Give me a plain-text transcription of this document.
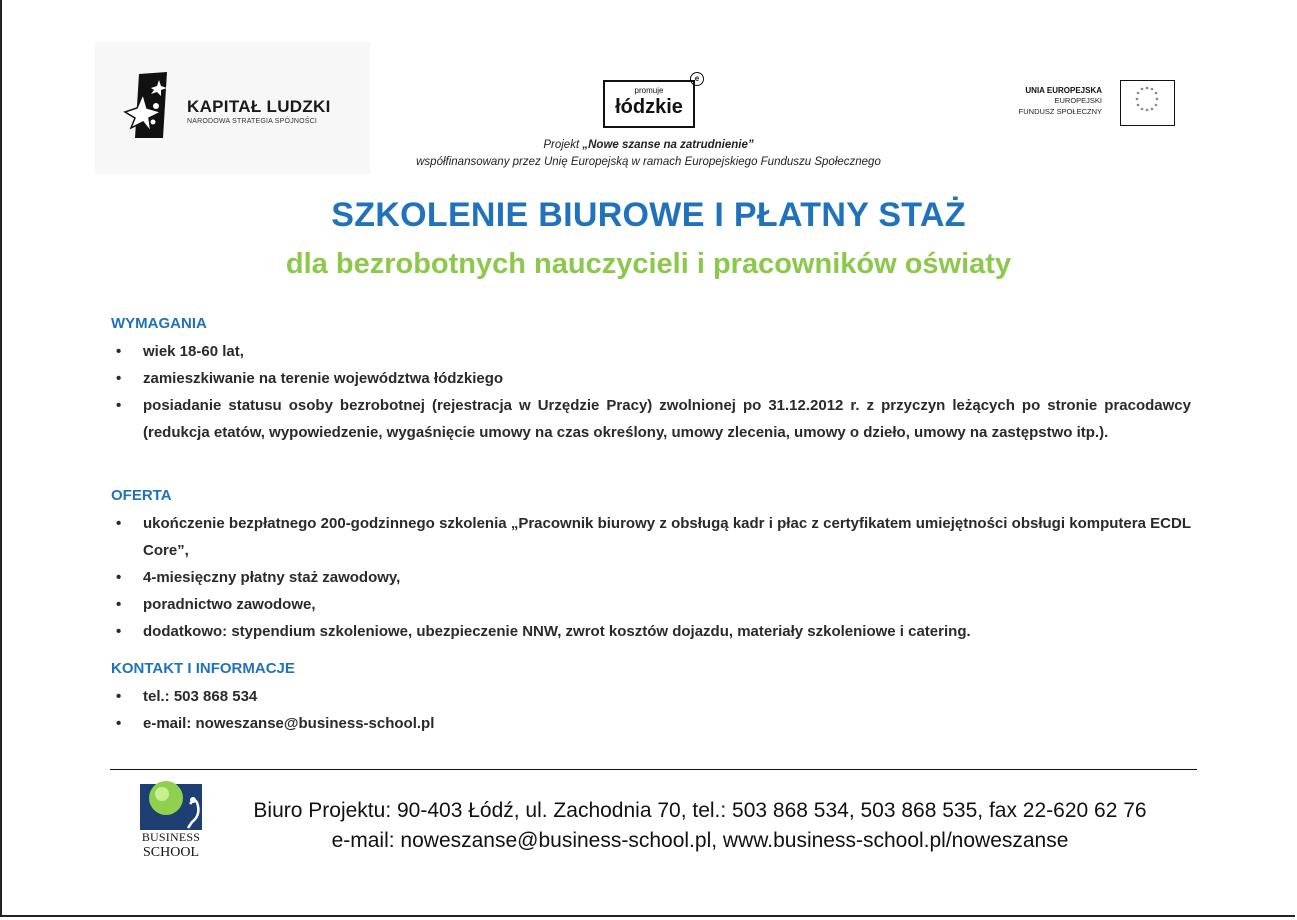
KAPITAŁ LUDZKI
NARODOWA STRATEGIA SPÓJNOŚCI
promuje
łódzkie
e
UNIA EUROPEJSKA
EUROPEJSKI
FUNDUSZ SPOŁECZNY
* *
*
*
*
*
*
*
*
*
*
*
Projekt „Nowe szanse na zatrudnienie”
współfinansowany przez Unię Europejską w ramach Europejskiego Funduszu Społecznego
SZKOLENIE BIUROWE I PŁATNY STAŻ
dla bezrobotnych nauczycieli i pracowników oświaty
WYMAGANIA
• wiek 18-60 lat,
• zamieszkiwanie na terenie województwa łódzkiego
• posiadanie statusu osoby bezrobotnej (rejestracja w Urzędzie Pracy) zwolnionej po 31.12.2012 r. z przyczyn leżących po stronie pracodawcy (redukcja etatów, wypowiedzenie, wygaśnięcie umowy na czas określony, umowy zlecenia, umowy o dzieło, umowy na zastępstwo itp.).
OFERTA
• ukończenie bezpłatnego 200-godzinnego szkolenia „Pracownik biurowy z obsługą kadr i płac z certyfikatem umiejętności obsługi komputera ECDL Core”,
• 4-miesięczny płatny staż zawodowy,
• poradnictwo zawodowe,
• dodatkowo: stypendium szkoleniowe, ubezpieczenie NNW, zwrot kosztów dojazdu, materiały szkoleniowe i catering.
KONTAKT I INFORMACJE
• tel.: 503 868 534
• e-mail: noweszanse@business-school.pl
BUSINESS
SCHOOL
Biuro Projektu: 90-403 Łódź, ul. Zachodnia 70, tel.: 503 868 534, 503 868 535, fax 22-620 62 76
e-mail: noweszanse@business-school.pl, www.business-school.pl/noweszanse
